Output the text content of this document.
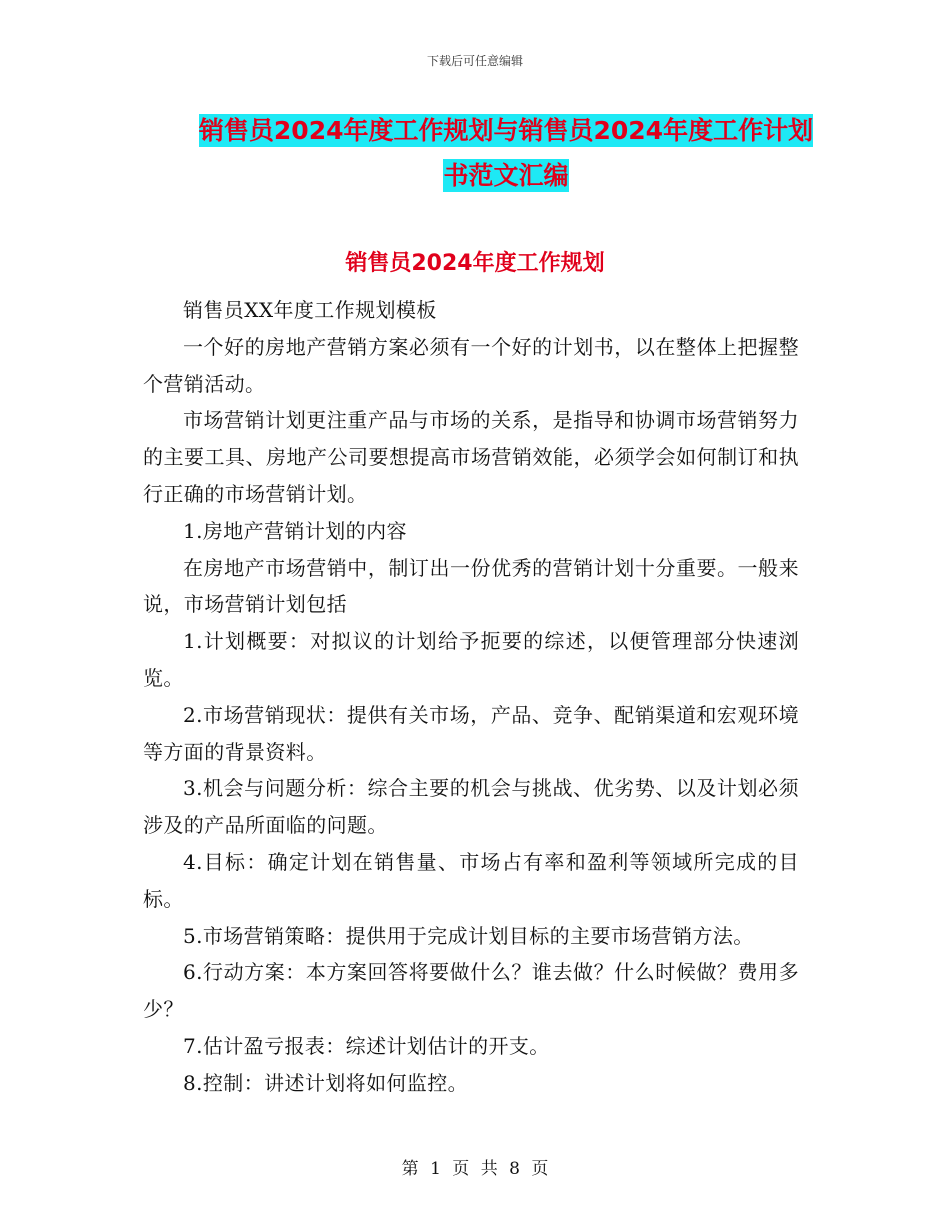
下载后可任意编辑
销售员2024年度工作规划与销售员2024年度工作计划书范文汇编
销售员2024年度工作规划

销售员XX年度工作规划模板

一个好的房地产营销方案必须有一个好的计划书，以在整体上把握整个营销活动。

市场营销计划更注重产品与市场的关系，是指导和协调市场营销努力的主要工具、房地产公司要想提高市场营销效能，必须学会如何制订和执行正确的市场营销计划。

1.房地产营销计划的内容

在房地产市场营销中，制订出一份优秀的营销计划十分重要。一般来说，市场营销计划包括

1.计划概要：对拟议的计划给予扼要的综述，以便管理部分快速浏览。

2.市场营销现状：提供有关市场，产品、竞争、配销渠道和宏观环境等方面的背景资料。

3.机会与问题分析：综合主要的机会与挑战、优劣势、以及计划必须涉及的产品所面临的问题。

4.目标：确定计划在销售量、市场占有率和盈利等领域所完成的目标。

5.市场营销策略：提供用于完成计划目标的主要市场营销方法。

6.行动方案：本方案回答将要做什么？谁去做？什么时候做？费用多少？

7.估计盈亏报表：综述计划估计的开支。

8.控制：讲述计划将如何监控。

第 1 页 共 8 页
